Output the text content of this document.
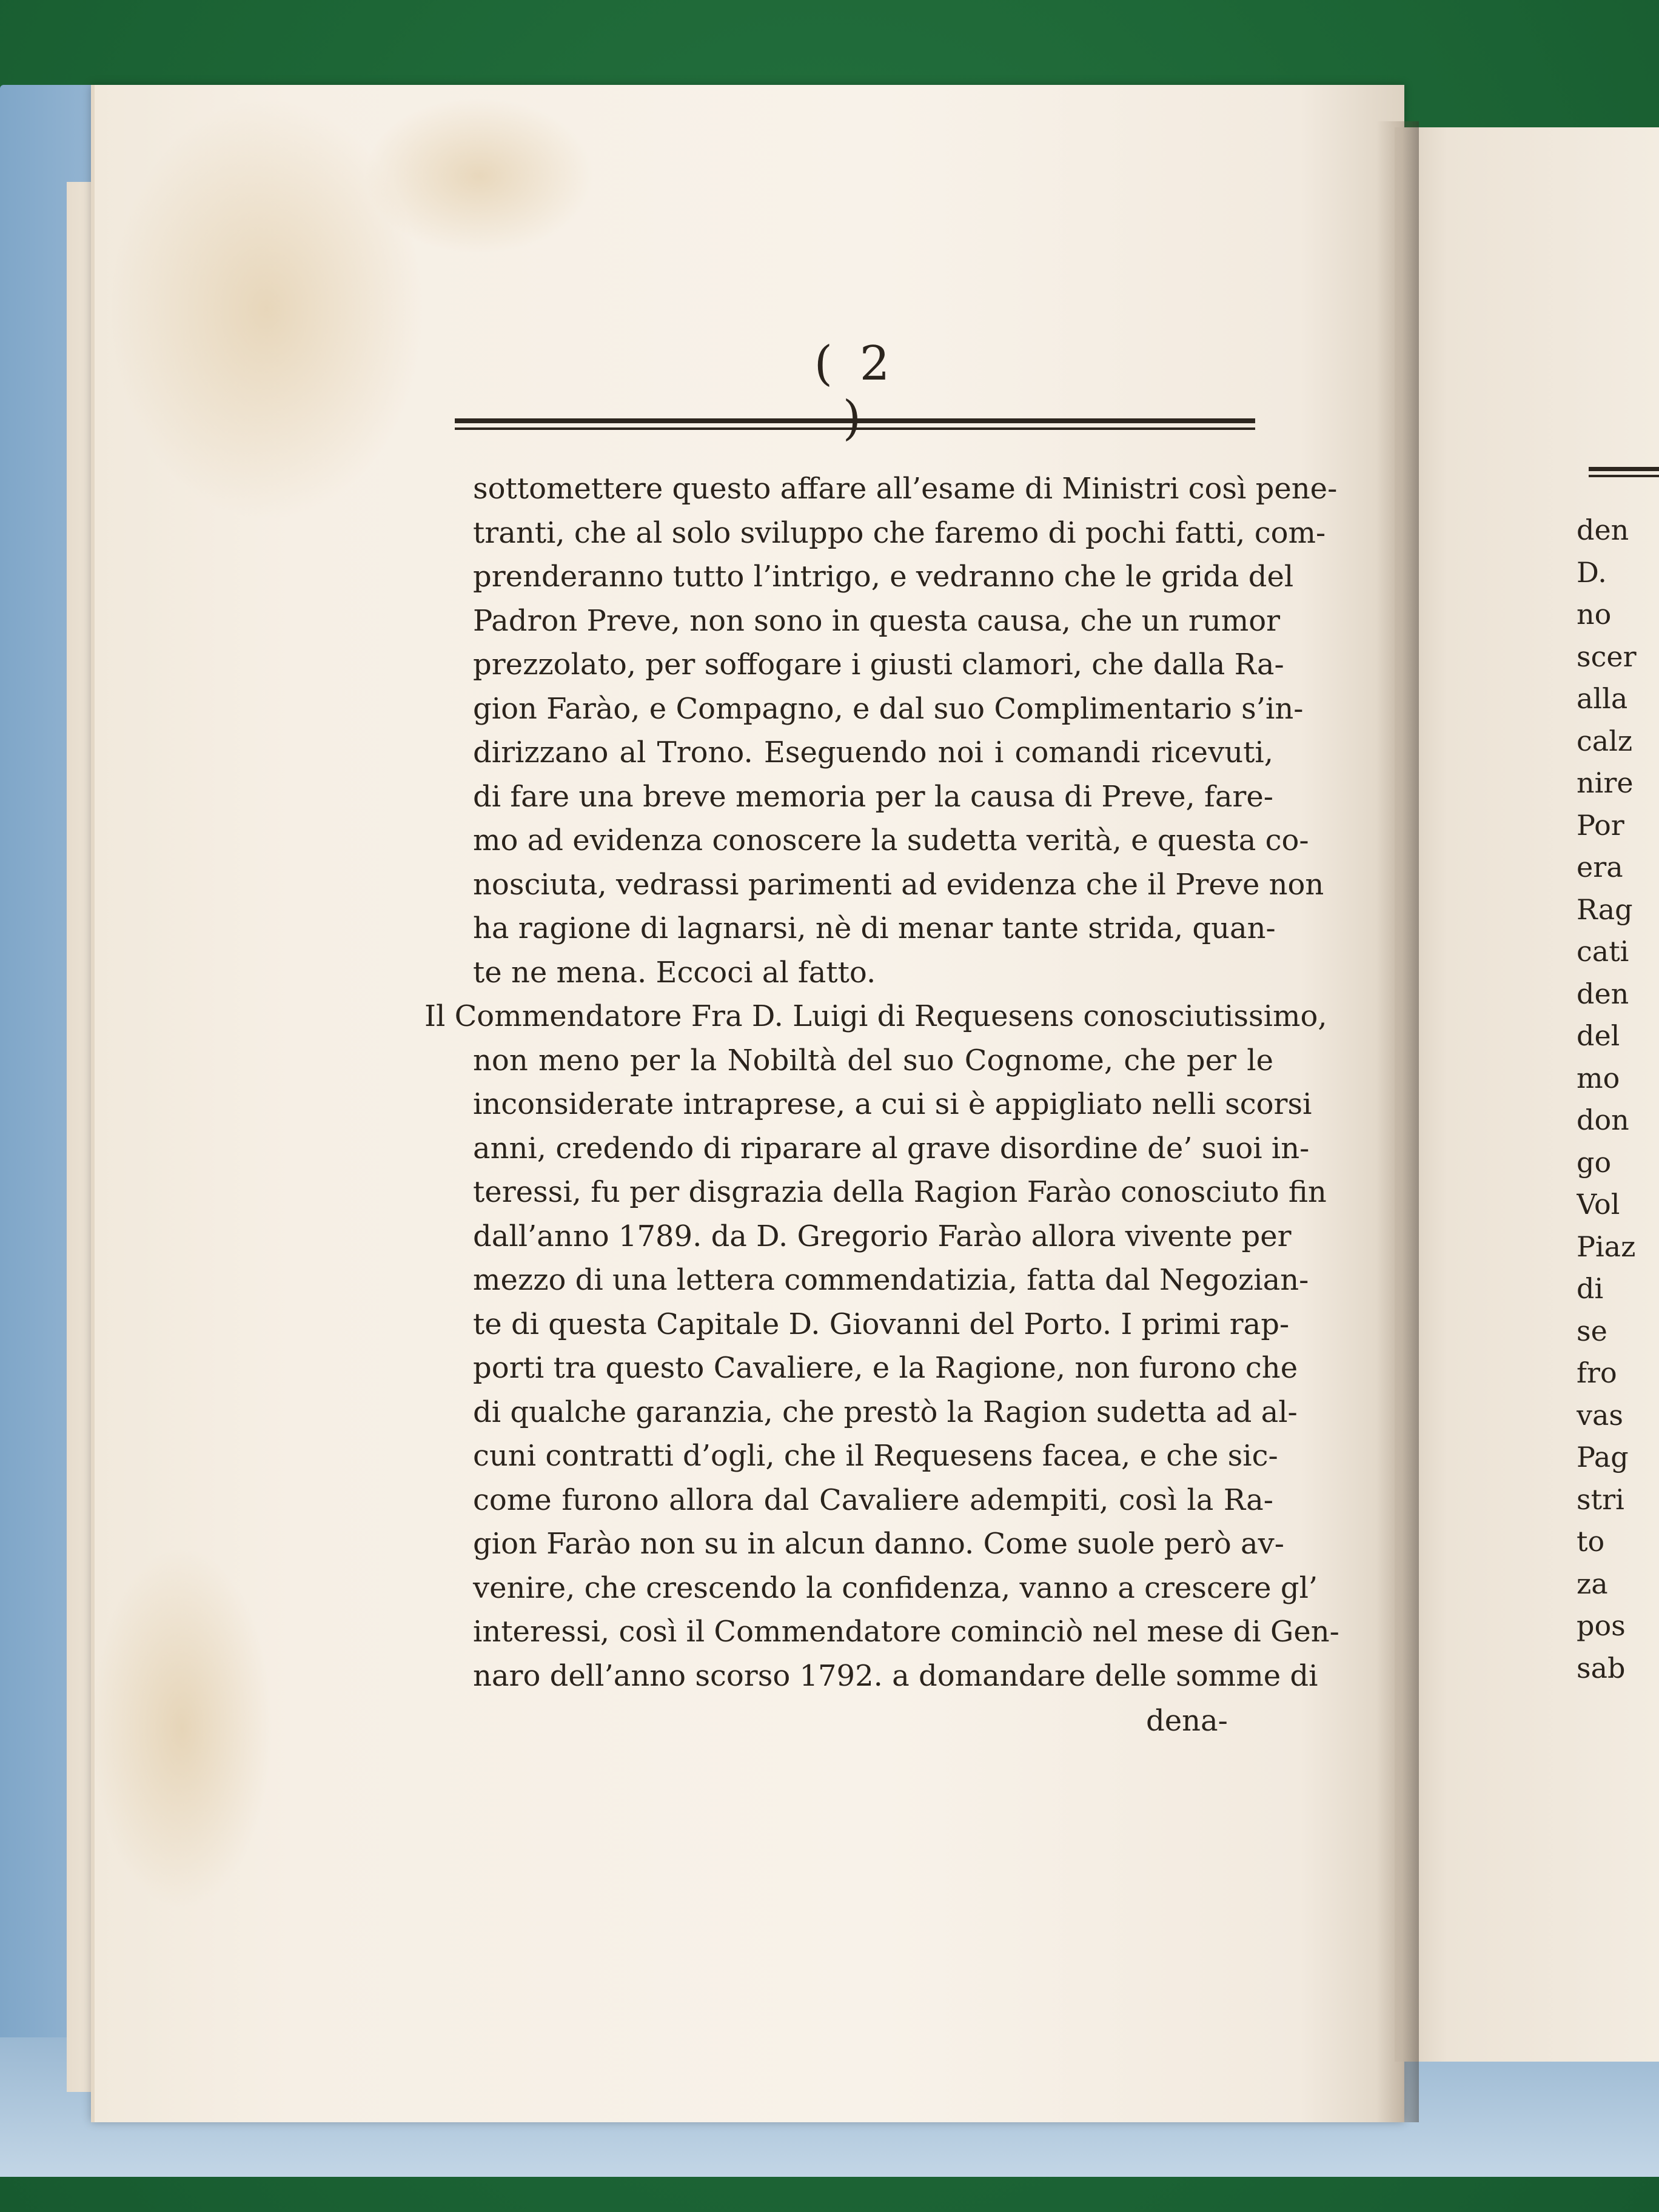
( 2
sottomettere questo affare all’esame di Ministri così pene-
tranti, che al solo sviluppo che faremo di pochi fatti, com-
prenderanno tutto l’intrigo, e vedranno che le grida del
Padron Preve, non sono in questa causa, che un rumor
prezzolato, per soffogare i giusti clamori, che dalla Ra-
gion Farào, e Compagno, e dal suo Complimentario s’in-
dirizzano al Trono. Eseguendo noi i comandi ricevuti,
di fare una breve memoria per la causa di Preve, fare-
mo ad evidenza conoscere la sudetta verità, e questa co-
nosciuta, vedrassi parimenti ad evidenza che il Preve non
ha ragione di lagnarsi, nè di menar tante strida, quan-
te ne mena. Eccoci al fatto.
Il Commendatore Fra D. Luigi di Requesens conosciutissimo,
non meno per la Nobiltà del suo Cognome, che per le
inconsiderate intraprese, a cui si è appigliato nelli scorsi
anni, credendo di riparare al grave disordine de’ suoi in-
teressi, fu per disgrazia della Ragion Farào conosciuto fin
dall’anno 1789. da D. Gregorio Farào allora vivente per
mezzo di una lettera commendatizia, fatta dal Negozian-
te di questa Capitale D. Giovanni del Porto. I primi rap-
porti tra questo Cavaliere, e la Ragione, non furono che
di qualche garanzia, che prestò la Ragion sudetta ad al-
cuni contratti d’ogli, che il Requesens facea, e che sic-
come furono allora dal Cavaliere adempiti, così la Ra-
gion Farào non su in alcun danno. Come suole però av-
venire, che crescendo la confidenza, vanno a crescere gl’
interessi, così il Commendatore cominciò nel mese di Gen-
naro dell’anno scorso 1792. a domandare delle somme di
dena-
den
D.
no
scer
alla
calz
nire
Por
era
Rag
cati
den
del
mo
don
go
Vol
Piaz
di
se
fro
vas
Pag
stri
to
za
pos
sab
